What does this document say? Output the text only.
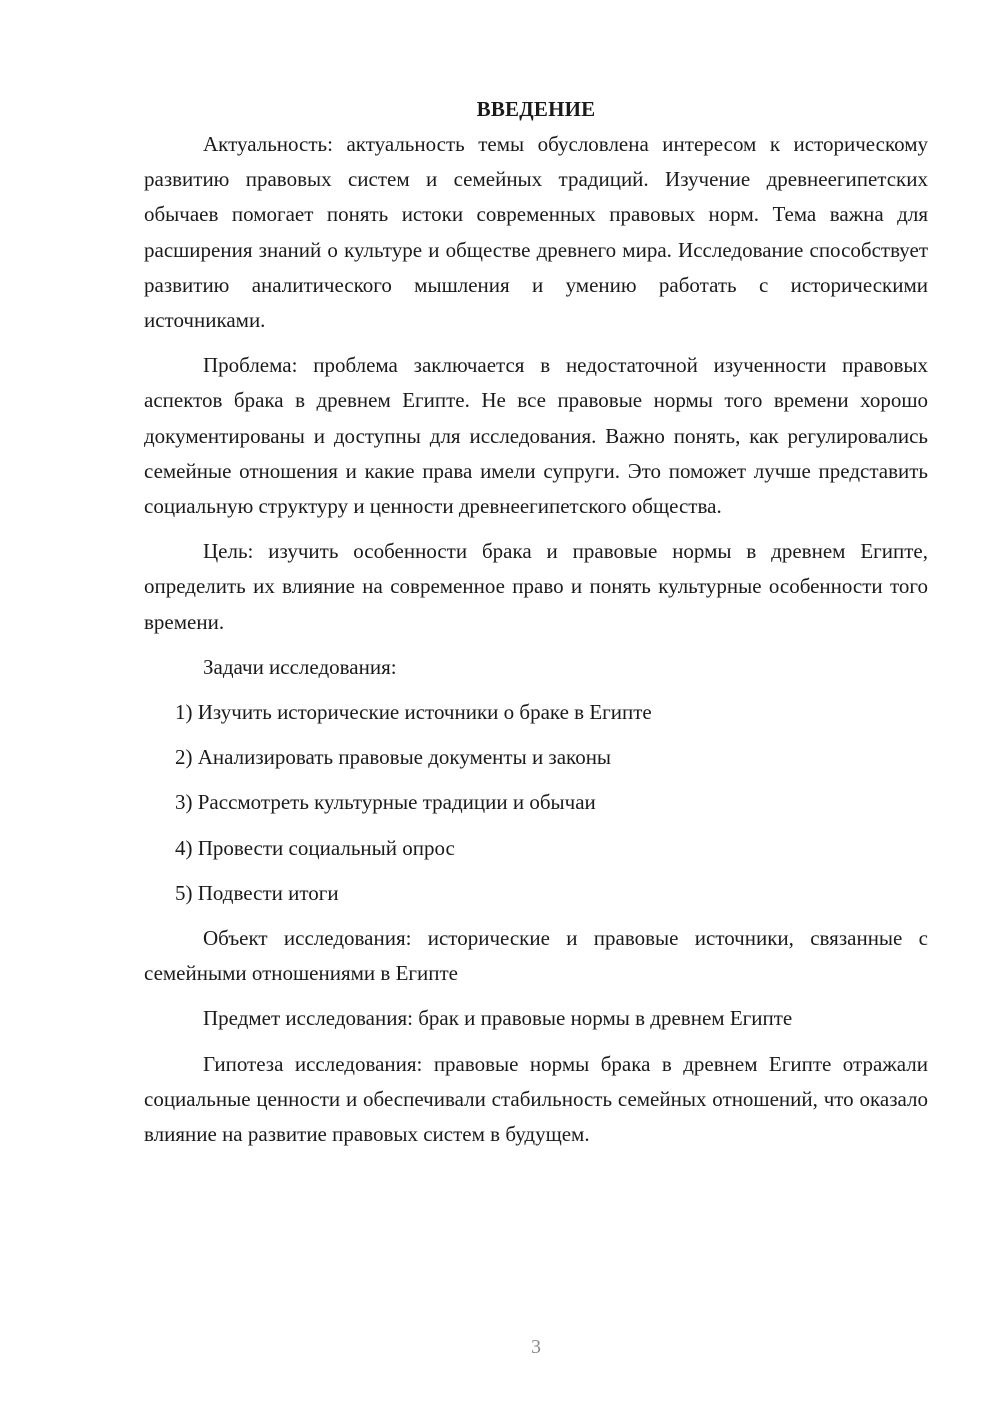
ВВЕДЕНИЕ

Актуальность: актуальность темы обусловлена интересом к историческому развитию правовых систем и семейных традиций. Изучение древнеегипетских обычаев помогает понять истоки современных правовых норм. Тема важна для расширения знаний о культуре и обществе древнего мира. Исследование способствует развитию аналитического мышления и умению работать с историческими источниками.

Проблема: проблема заключается в недостаточной изученности правовых аспектов брака в древнем Египте. Не все правовые нормы того времени хорошо документированы и доступны для исследования. Важно понять, как регулировались семейные отношения и какие права имели супруги. Это поможет лучше представить социальную структуру и ценности древнеегипетского общества.

Цель: изучить особенности брака и правовые нормы в древнем Египте, определить их влияние на современное право и понять культурные особенности того времени.

Задачи исследования:

1) Изучить исторические источники о браке в Египте
2) Анализировать правовые документы и законы
3) Рассмотреть культурные традиции и обычаи
4) Провести социальный опрос
5) Подвести итоги

Объект исследования: исторические и правовые источники, связанные с семейными отношениями в Египте

Предмет исследования: брак и правовые нормы в древнем Египте

Гипотеза исследования: правовые нормы брака в древнем Египте отражали социальные ценности и обеспечивали стабильность семейных отношений, что оказало влияние на развитие правовых систем в будущем.

3
